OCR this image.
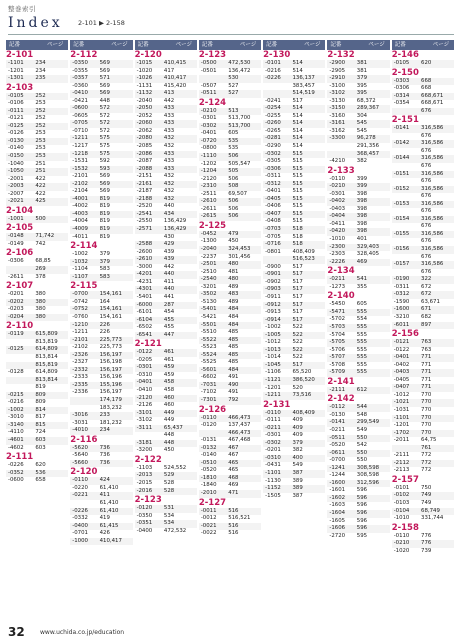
整巻索引
Index 2-101 ▶ 2-158
記番	ページ
2-101
-1101	234
-1201	234
-1301	235
2-103
-0105	252
-0106	253
-0111	252
-0121	252
-0125	252
-0126	253
-0130	253
-0140	253
-0150	253
-1040	251
-1050	251
-2001	422
-2003	422
-2007	422
-2021	425
2-104
-1001	500
2-105
-0148	71,742
-0149	742
2-106
-0306	68,85
269
-2611	378
2-107
-0201	380
-0202	380
-0203	380
-0204	380
2-110
-0119	615,809
813,819
-0125	614,809
813,814
815,819
-0128	614,809
813,814
819
-0215	809
-0216	809
-1002	814
-3010	817
-3140	815
-4110	724
-4601	603
-4602	603
2-111
-0226	620
-0352	536
-0600	658
記番	ページ
2-112
-0350	569
-0355	569
-0357	571
-0360	569
-0410	569
-0421	448
-0600	572
-0605	572
-0705	572
-0710	572
-1211	575
-1217	575
-1218	575
-1531	592
-1532	593
-2101	569
-2102	569
-2104	569
-4001	819
-4002	819
-4003	819
-4004	819
-4009	819
-4011	819
2-114
-1002	379
-1032	379
-1104	583
-1107	583
2-115
-0700	154,161
-0742	164
-0752	154,161
-0760	154,161
-1210	226
-1211	226
-2101	225,773
-2102	225,773
-2326	156,197
-2327	156,198
-2332	156,197
-2333	156,196
-2335	155,196
-2336	156,197
174,179
183,232
-3016	233
-3031	181,232
-4010	234
2-116
-5620	736
-5640	736
-5660	736
2-120
-0110	424
-0220	61,410
-0221	411
61,410
-0226	61,410
-0332	419
-0400	61,415
-0701	426
-1000	410,417
記番	ページ
2-120
-1015	410,415
-1020	417
-1026	410,417
-1131	415,420
-1132	413
-2040	442
-2050	433
-2052	433
-2060	433
-2062	433
-2080	432
-2085	432
-2086	433
-2087	433
-2088	433
-2151	432
-2161	432
-2187	432
-2188	432
-2520	440
-2541	434
-2550	136,429
-2571	136,429
430
-2588	429
-2600	439
-2610	439
-3000	442
-4201	440
-4231	411
-4301	440
-5401	441
-6000	287
-6101	454
-6104	455
-6502	455
-6541	447
2-121
-0122	461
-0205	461
-0301	459
-0310	459
-0401	458
-0410	458
-2120	460
-2126	460
-3101	449
-3102	449
-3111	65,437
448
-3181	448
-3200	450
2-122
-1103	524,552
-2013	529
-2015	528
-2016	528
2-123
-0120	531
-0350	534
-0351	534
-0400	472,532
記番	ページ
2-123
-0500	472,530
-0501	136,472
530
-0507	527
-0511	527
2-124
-0210	513
-0301	513,700
-0302	513,700
-0401	605
-0720	535
-0800	535
-1110	506
-1202	505,547
-1204	505
-2120	506
-2310	508
-2511	69,507
-2610	506
-2611	506
-2615	506
2-125
-0452	479
-1300	450
-2040	324,453
-2237	301,456
-2501	480
-2510	481
-2540	480
-3201	489
-3502	483
-5130	489
-5401	484
-5421	484
-5501	484
-5510	485
-5522	485
-5523	485
-5524	485
-5525	485
-5601	484
-6602	491
-7031	490
-7102	491
-7301	792
2-126
-0110	466,473
-0120	137,437
466,473
-0131	467,468
-0132	467
-0140	467
-0510	465
-0520	465
-1810	468
-1840	469
-2010	471
2-127
-0011	516
-0012	516,521
-0021	516
-0022	516
記番	ページ
2-130
-0101	514
-0216	514
-0226	136,137
383,457
514,519
-0241	517
-0254	514
-0255	514
-0260	514
-0265	514
-0281	514
-0290	514
-0302	515
-0305	515
-0306	515
-0311	515
-0312	515
-0401	515
-0405	515
-0406	515
-0407	515
-0408	515
-0703	518
-0705	518
-0716	518
-0801	408,409
516,523
-0900	517
-0901	517
-0902	517
-0903	517
-0911	517
-0912	517
-0913	517
-0914	517
-1002	522
-1005	522
-1012	522
-1013	522
-1014	522
-1045	517
-1106	65,520
-1121	386,520
-1201	520
-1211	73,516
2-131
-0110	408,409
-0111	409
-0211	409
-0301	409
-0302	379
-0201	382
-0310	400
-0431	549
-1101	387
-1130	389
-1152	389
-1505	387
記番	ページ
2-132
-2900	381
-2905	381
-2910	379
-3100	395
-3102	395
-3130	68,372
-3150	289,367
-3160	304
-3161	545
-3162	545
-3300	96,278
291,356
368,457
-4210	382
2-133
-0110	399
-0210	399
-0301	398
-0402	398
-0403	398
-0404	398
-0411	398
-0420	398
-1010	401
-2300	329,403
-2303	328,405
-2226	469
2-134
-0211	541
-1273	355
2-140
-5450	605
-5471	555
-5702	554
-5703	555
-5704	555
-5705	555
-5706	555
-5707	555
-5708	555
-5709	555
2-141
-2111	612
2-142
-0112	544
-0130	548
-0141	299,549
-0211	549
-0511	550
-0520	542
-0611	550
-0700	550
-1241	308,598
-1244	308,598
-1600	312,596
-1601	596
-1602	596
-1603	596
-1604	596
-1605	596
-1606	596
-2720	595
記番	ページ
2-146
-0105	620
2-150
-0303	668
-0306	668
-0314	668,671
-0354	668,671
676
2-151
-0141	316,586
676
-0142	316,586
676
-0144	316,586
676
-0151	316,586
676
-0152	316,586
676
-0153	316,586
676
-0154	316,586
676
-0155	316,586
676
-0156	316,586
676
-0157	316,586
676
-0190	322
-0311	672
-0312	672
-1590	63,671
-1600	671
-3210	682
-6011	897
2-156
-0121	763
-0122	763
-0401	771
-0402	771
-0403	771
-0405	771
-0407	771
-1012	770
-1021	770
-1031	770
-1101	770
-1201	770
-1702	770
-2011	64,75
761
-2111	772
-2112	772
-2113	772
2-157
-0101	750
-0102	749
-0103	749
-0104	68,749
-1010	331,744
2-158
-0110	776
-0210	776
-1020	739
32	www.uchida.co.jp/education
